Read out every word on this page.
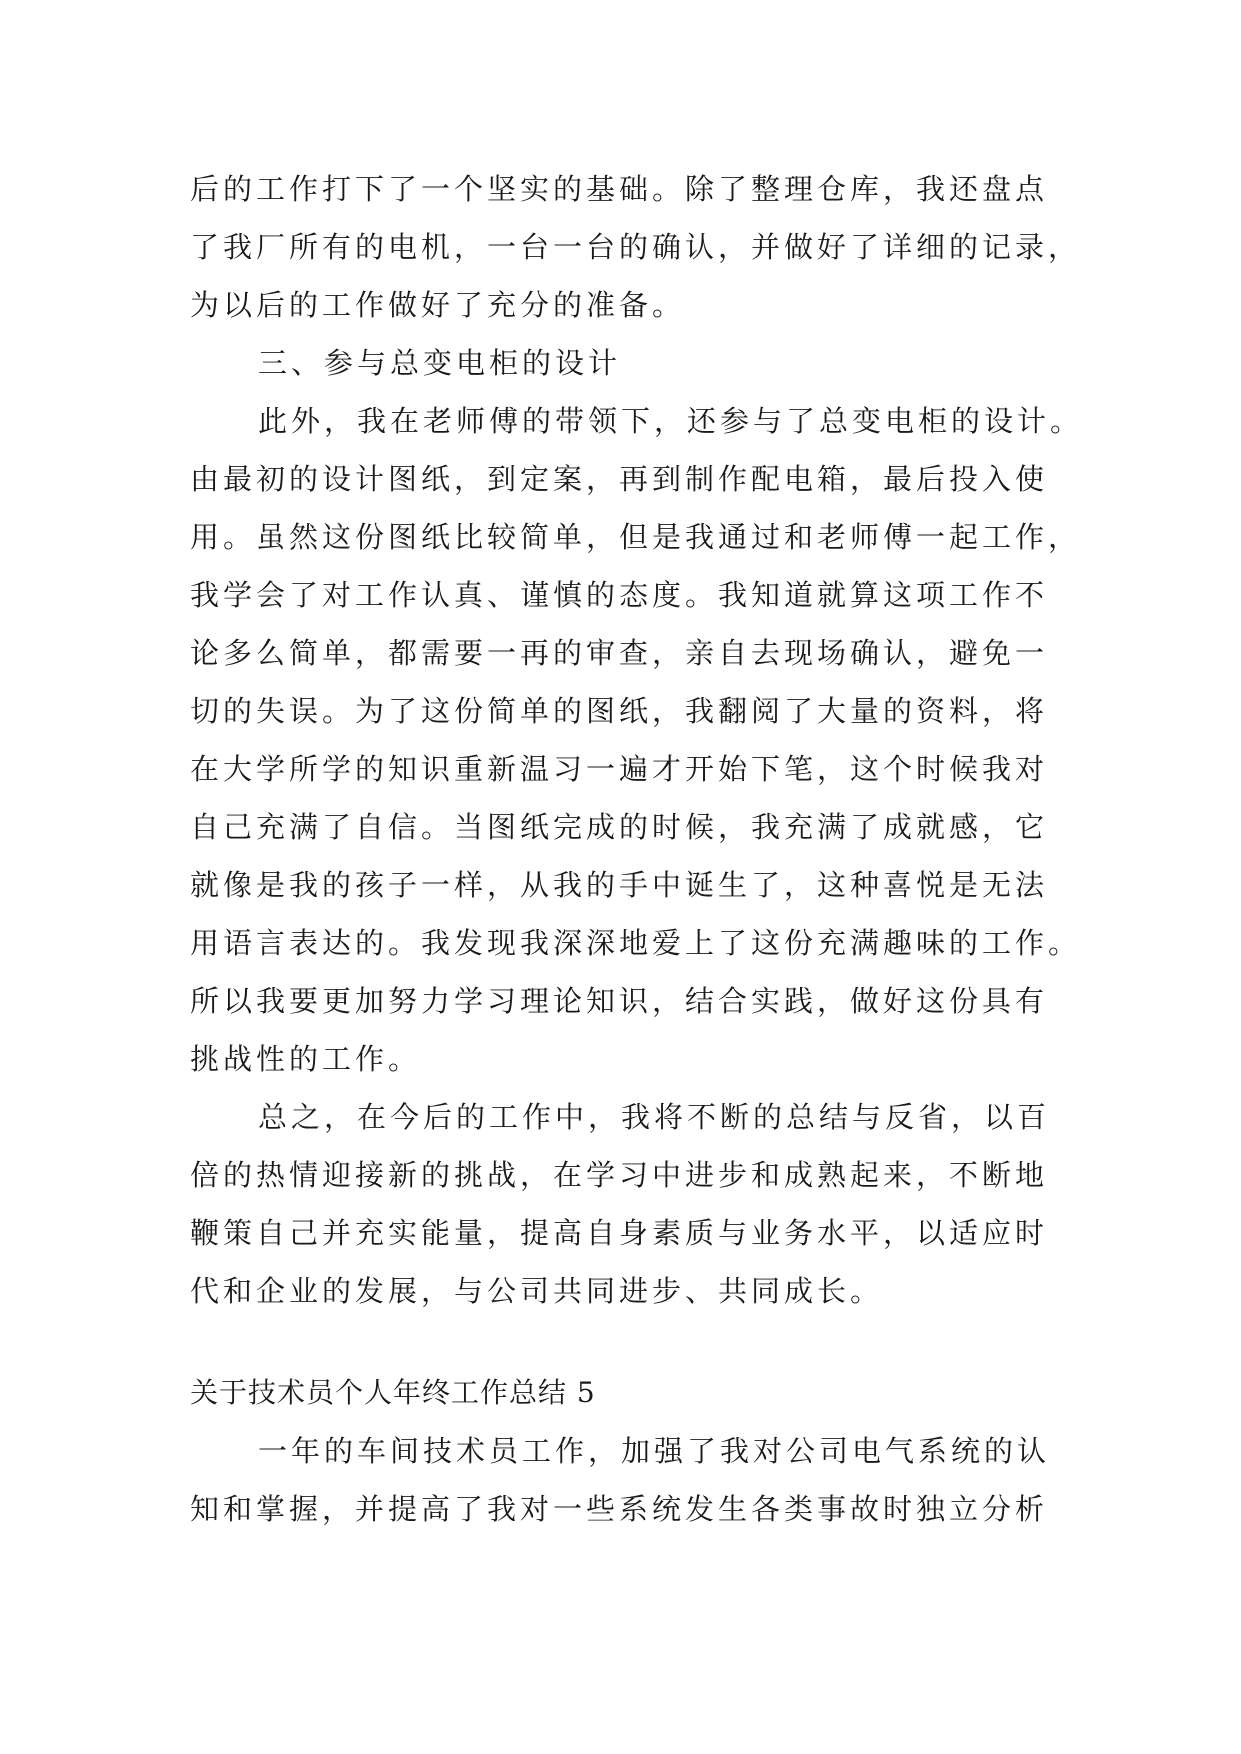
后的工作打下了一个坚实的基础。除了整理仓库，我还盘点
了我厂所有的电机，一台一台的确认，并做好了详细的记录，
为以后的工作做好了充分的准备。
三、参与总变电柜的设计
此外，我在老师傅的带领下，还参与了总变电柜的设计。
由最初的设计图纸，到定案，再到制作配电箱，最后投入使
用。虽然这份图纸比较简单，但是我通过和老师傅一起工作，
我学会了对工作认真、谨慎的态度。我知道就算这项工作不
论多么简单，都需要一再的审查，亲自去现场确认，避免一
切的失误。为了这份简单的图纸，我翻阅了大量的资料，将
在大学所学的知识重新温习一遍才开始下笔，这个时候我对
自己充满了自信。当图纸完成的时候，我充满了成就感，它
就像是我的孩子一样，从我的手中诞生了，这种喜悦是无法
用语言表达的。我发现我深深地爱上了这份充满趣味的工作。
所以我要更加努力学习理论知识，结合实践，做好这份具有
挑战性的工作。
总之，在今后的工作中，我将不断的总结与反省，以百
倍的热情迎接新的挑战，在学习中进步和成熟起来，不断地
鞭策自己并充实能量，提高自身素质与业务水平，以适应时
代和企业的发展，与公司共同进步、共同成长。
关于技术员个人年终工作总结 5
一年的车间技术员工作，加强了我对公司电气系统的认
知和掌握，并提高了我对一些系统发生各类事故时独立分析
